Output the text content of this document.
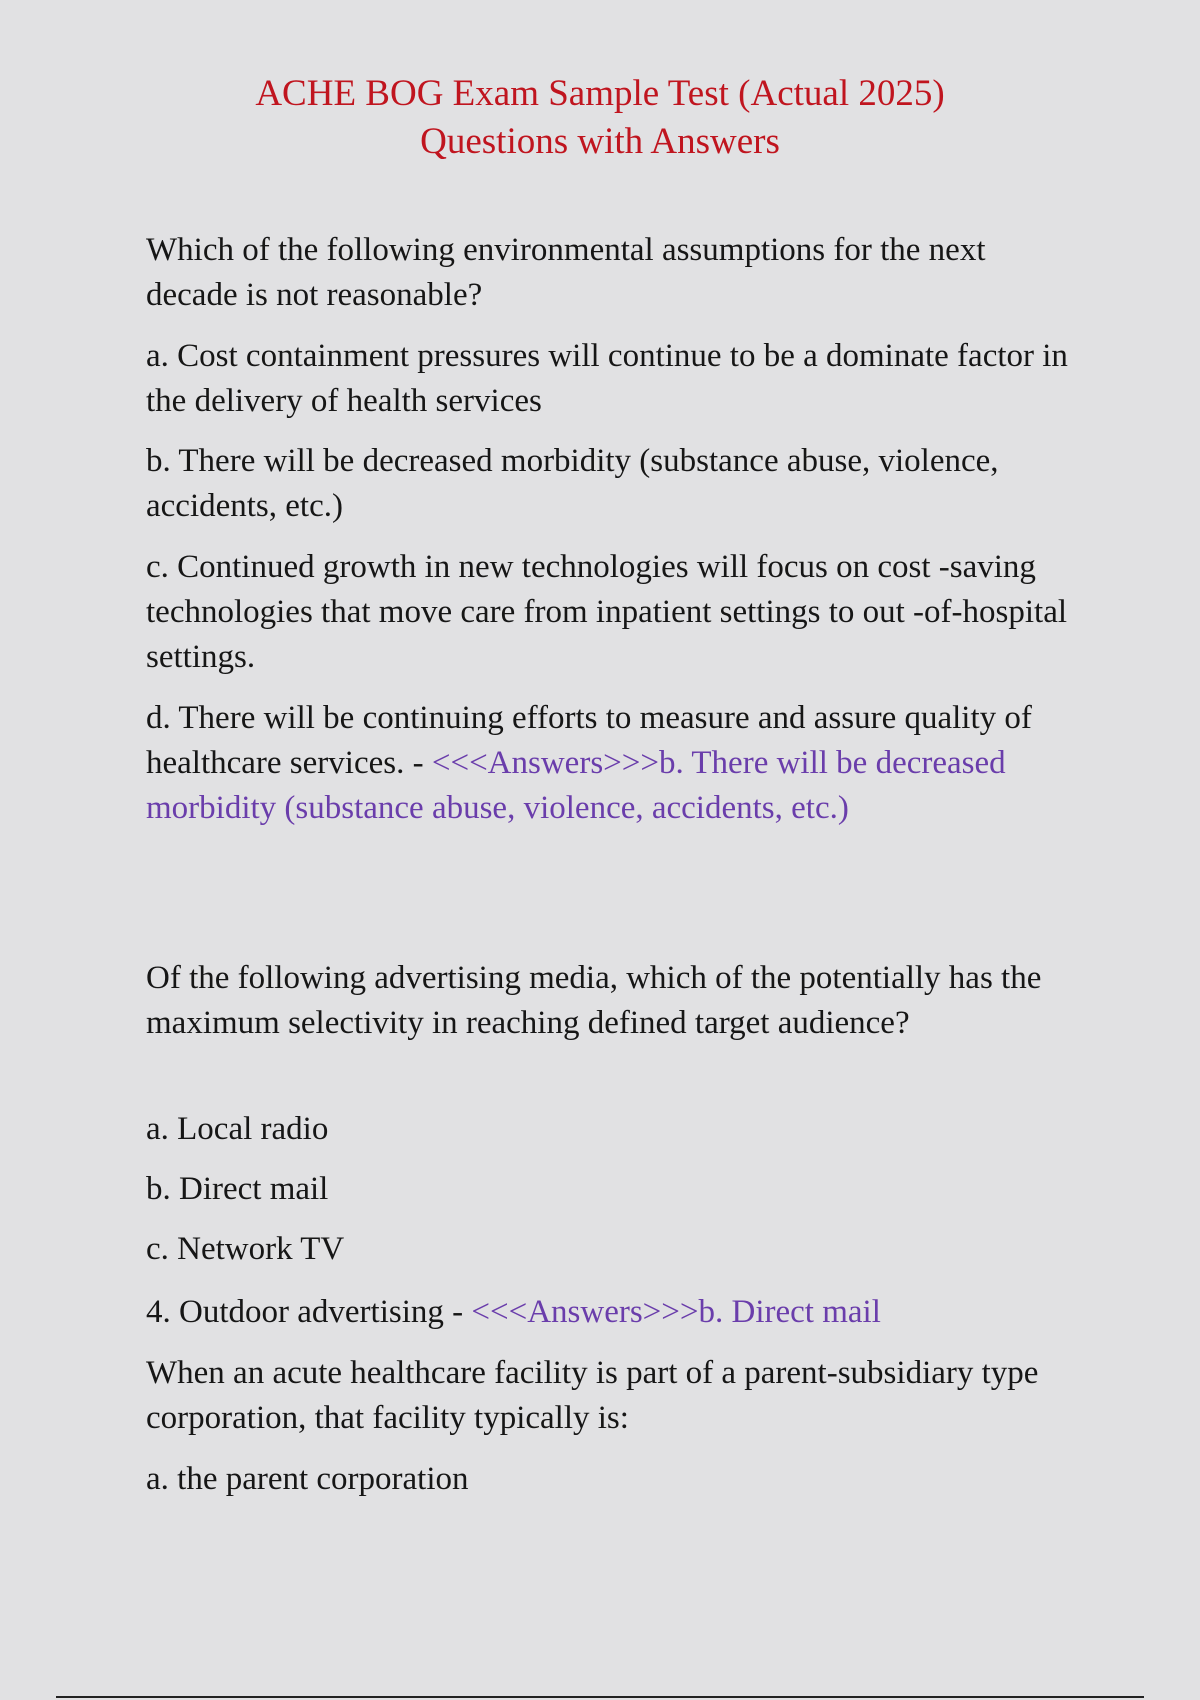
ACHE BOG Exam Sample Test (Actual 2025)
Questions with Answers

Which of the following environmental assumptions for the next decade is not reasonable?

a. Cost containment pressures will continue to be a dominate factor in the delivery of health services

b. There will be decreased morbidity (substance abuse, violence, accidents, etc.)

c. Continued growth in new technologies will focus on cost -saving technologies that move care from inpatient settings to out -of-hospital settings.

d. There will be continuing efforts to measure and assure quality of healthcare services. - <<<Answers>>>b. There will be decreased morbidity (substance abuse, violence, accidents, etc.)

Of the following advertising media, which of the potentially has the maximum selectivity in reaching defined target audience?

a. Local radio

b. Direct mail

c. Network TV

4. Outdoor advertising - <<<Answers>>>b. Direct mail

When an acute healthcare facility is part of a parent-subsidiary type corporation, that facility typically is:

a. the parent corporation
